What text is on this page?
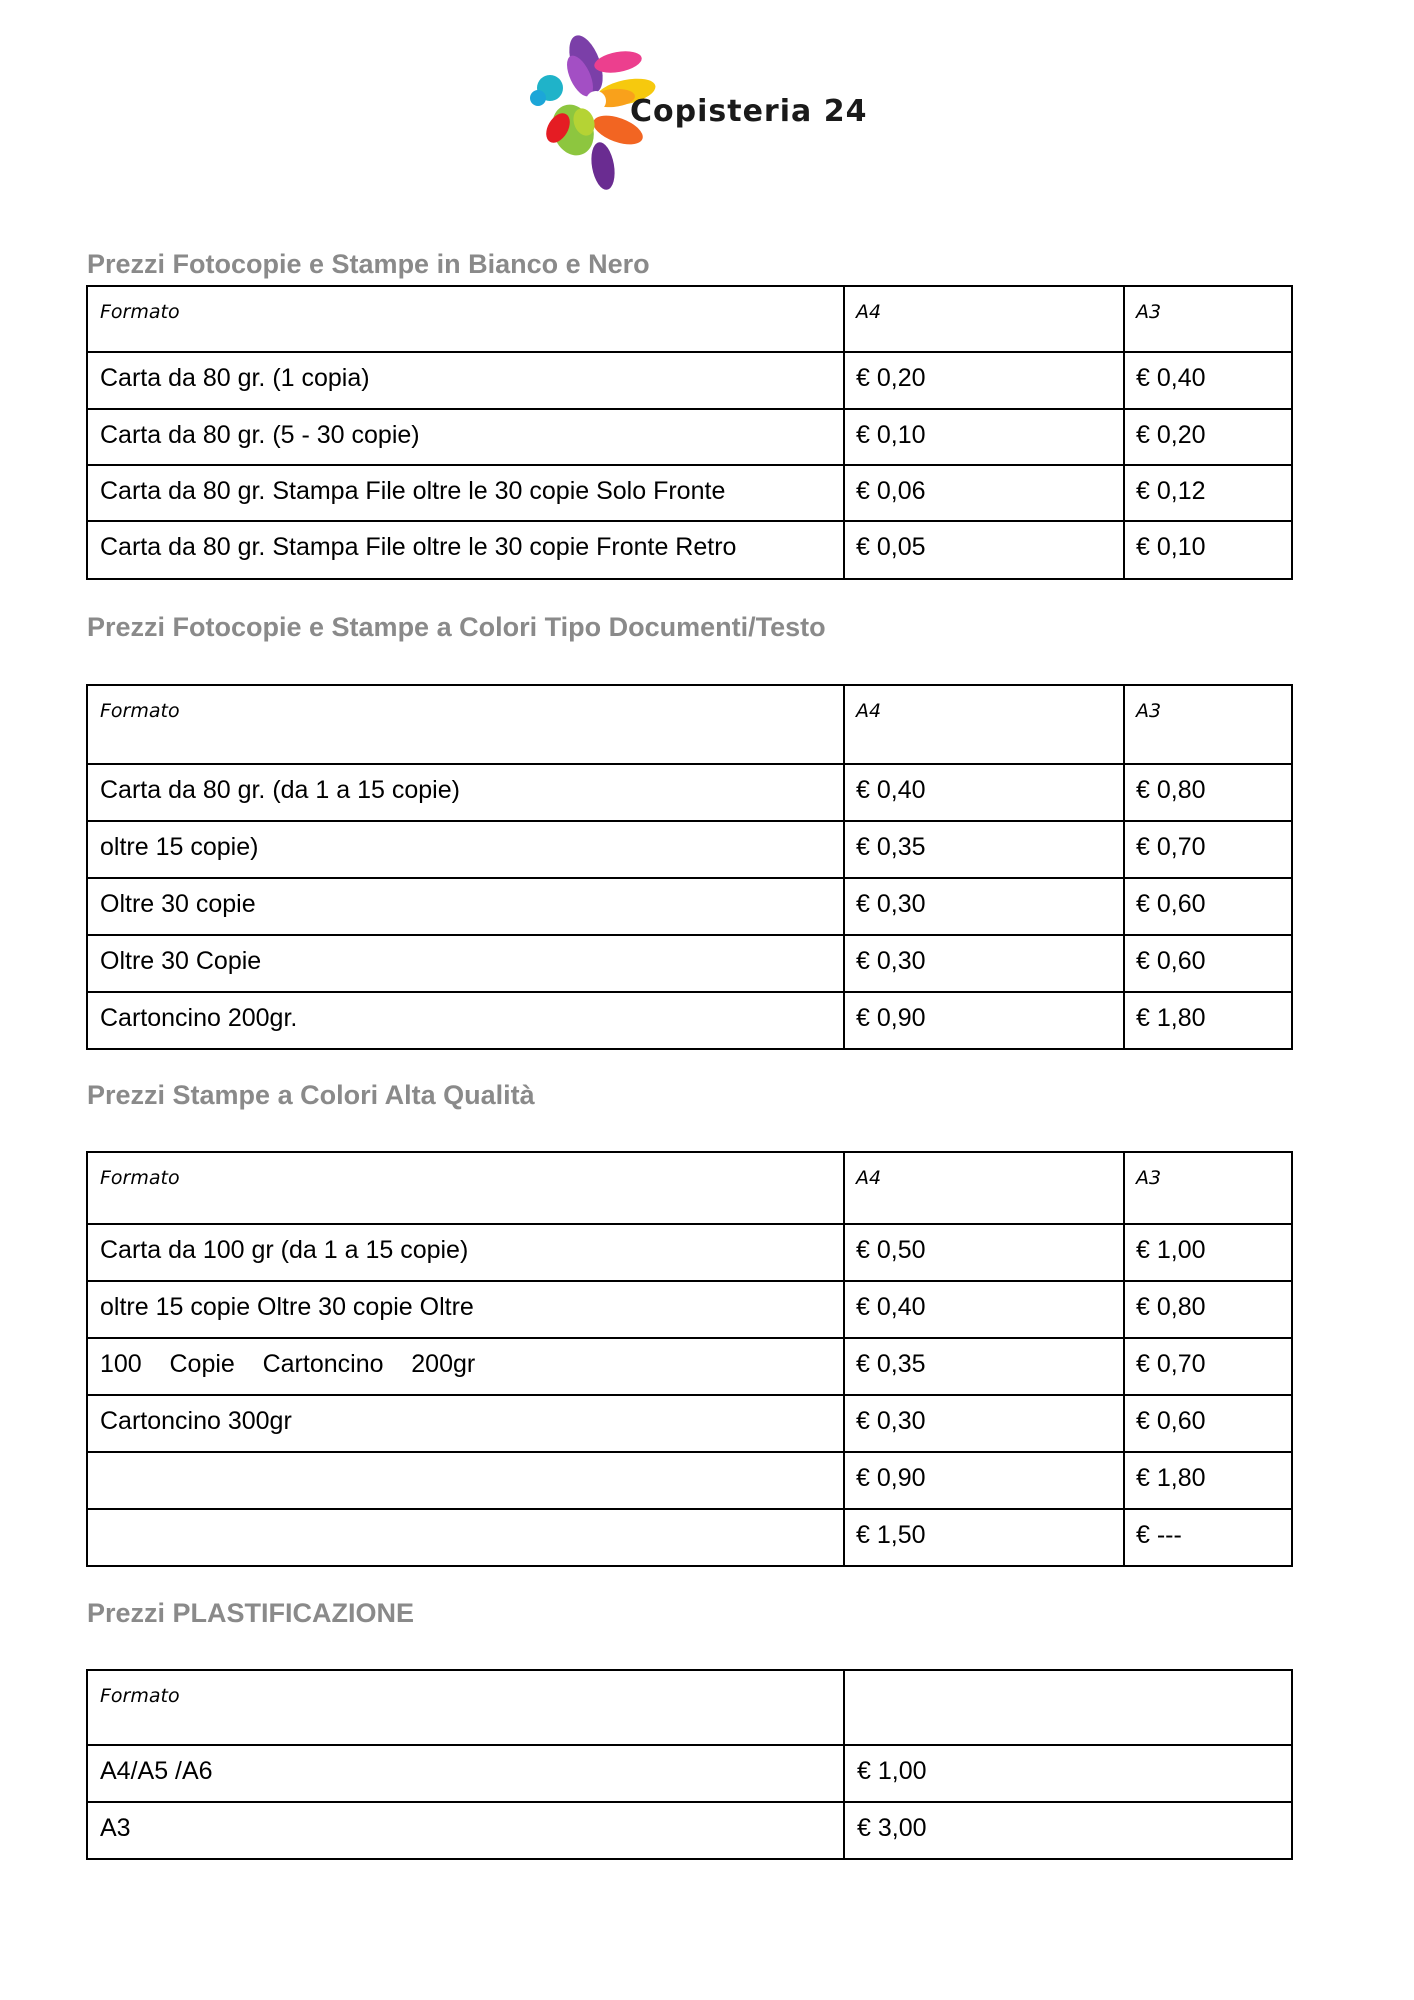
Copisteria 24
Prezzi Fotocopie e Stampe in Bianco e Nero
Formato	A4	A3
Carta da 80 gr. (1 copia)	€ 0,20	€ 0,40
Carta da 80 gr. (5 - 30 copie)	€ 0,10	€ 0,20
Carta da 80 gr. Stampa File oltre le 30 copie Solo Fronte	€ 0,06	€ 0,12
Carta da 80 gr. Stampa File oltre le 30 copie Fronte Retro	€ 0,05	€ 0,10
Prezzi Fotocopie e Stampe a Colori Tipo Documenti/Testo
Formato	A4	A3
Carta da 80 gr. (da 1 a 15 copie)	€ 0,40	€ 0,80
oltre 15 copie)	€ 0,35	€ 0,70
Oltre 30 copie	€ 0,30	€ 0,60
Oltre 30 Copie	€ 0,30	€ 0,60
Cartoncino 200gr.	€ 0,90	€ 1,80
Prezzi Stampe a Colori Alta Qualità
Formato	A4	A3
Carta da 100 gr (da 1 a 15 copie)	€ 0,50	€ 1,00
oltre 15 copie Oltre 30 copie Oltre	€ 0,40	€ 0,80
100    Copie    Cartoncino    200gr	€ 0,35	€ 0,70
Cartoncino 300gr	€ 0,30	€ 0,60
	€ 0,90	€ 1,80
	€ 1,50	€ ---
Prezzi PLASTIFICAZIONE
Formato	
A4/A5 /A6	€ 1,00
A3	€ 3,00
